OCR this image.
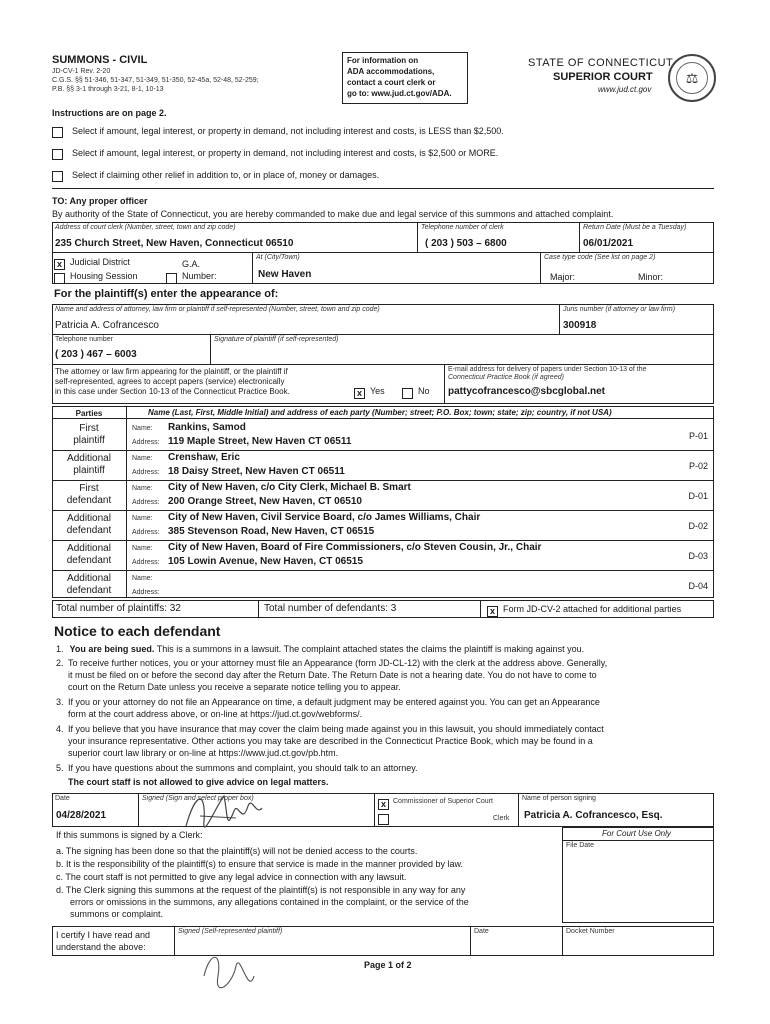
SUMMONS - CIVIL
JD-CV-1 Rev. 2-20
C.G.S. §§ 51-346, 51-347, 51-349, 51-350, 52-45a, 52-48, 52-259;
P.B. §§ 3-1 through 3-21, 8-1, 10-13
For information on
ADA accommodations,
contact a court clerk or
go to: www.jud.ct.gov/ADA.
STATE OF CONNECTICUT
SUPERIOR COURT
www.jud.ct.gov
⚖
Instructions are on page 2.
Select if amount, legal interest, or property in demand, not including interest and costs, is LESS than $2,500.
Select if amount, legal interest, or property in demand, not including interest and costs, is $2,500 or MORE.
Select if claiming other relief in addition to, or in place of, money or damages.
TO: Any proper officer
By authority of the State of Connecticut, you are hereby commanded to make due and legal service of this summons and attached complaint.
Address of court clerk (Number, street, town and zip code)
235 Church Street, New Haven, Connecticut 06510
Telephone number of clerk
( 203 ) 503 – 6800
Return Date (Must be a Tuesday)
06/01/2021
x Judicial District	G.A.
Housing Session	Number:
At (City/Town)
New Haven
Case type code (See list on page 2)
Major:	Minor:
For the plaintiff(s) enter the appearance of:
Name and address of attorney, law firm or plaintiff if self-represented (Number, street, town and zip code)
Patricia A. Cofrancesco
Juris number (if attorney or law firm)
300918
Telephone number
( 203 ) 467 – 6003
Signature of plaintiff (if self-represented)
The attorney or law firm appearing for the plaintiff, or the plaintiff if
self-represented, agrees to accept papers (service) electronically
in this case under Section 10-13 of the Connecticut Practice Book.	x Yes	No
E-mail address for delivery of papers under Section 10-13 of the
Connecticut Practice Book (if agreed)
pattycofrancesco@sbcglobal.net
Parties	Name (Last, First, Middle Initial) and address of each party (Number; street; P.O. Box; town; state; zip; country, if not USA)
First
plaintiff
Name: Rankins, Samod
Address: 119 Maple Street, New Haven CT 06511	P-01
Additional
plaintiff
Name: Crenshaw, Eric
Address: 18 Daisy Street, New Haven CT 06511	P-02
First
defendant
Name: City of New Haven, c/o City Clerk, Michael B. Smart
Address: 200 Orange Street, New Haven, CT 06510	D-01
Additional
defendant
Name: City of New Haven, Civil Service Board, c/o James Williams, Chair
Address: 385 Stevenson Road, New Haven, CT 06515	D-02
Additional
defendant
Name: City of New Haven, Board of Fire Commissioners, c/o Steven Cousin, Jr., Chair
Address: 105 Lowin Avenue, New Haven, CT 06515	D-03
Additional
defendant
Name:
Address:
D-04
Total number of plaintiffs: 32	Total number of defendants: 3	x Form JD-CV-2 attached for additional parties
Notice to each defendant
1. You are being sued. This is a summons in a lawsuit. The complaint attached states the claims the plaintiff is making against you.
2. To receive further notices, you or your attorney must file an Appearance (form JD-CL-12) with the clerk at the address above. Generally,
it must be filed on or before the second day after the Return Date. The Return Date is not a hearing date. You do not have to come to
court on the Return Date unless you receive a separate notice telling you to appear.
3. If you or your attorney do not file an Appearance on time, a default judgment may be entered against you. You can get an Appearance
form at the court address above, or on-line at https://jud.ct.gov/webforms/.
4. If you believe that you have insurance that may cover the claim being made against you in this lawsuit, you should immediately contact
your insurance representative. Other actions you may take are described in the Connecticut Practice Book, which may be found in a
superior court law library or on-line at https://www.jud.ct.gov/pb.htm.
5. If you have questions about the summons and complaint, you should talk to an attorney.
The court staff is not allowed to give advice on legal matters.
Date
04/28/2021
Signed (Sign and select proper box)
x	Commissioner of Superior Court
Clerk
Name of person signing
Patricia A. Cofrancesco, Esq.
If this summons is signed by a Clerk:
a. The signing has been done so that the plaintiff(s) will not be denied access to the courts.
b. It is the responsibility of the plaintiff(s) to ensure that service is made in the manner provided by law.
c. The court staff is not permitted to give any legal advice in connection with any lawsuit.
d. The Clerk signing this summons at the request of the plaintiff(s) is not responsible in any way for any
errors or omissions in the summons, any allegations contained in the complaint, or the service of the
summons or complaint.
For Court Use Only
File Date
I certify I have read and
understand the above:
Signed (Self-represented plaintiff)	Date	Docket Number
Page 1 of 2
